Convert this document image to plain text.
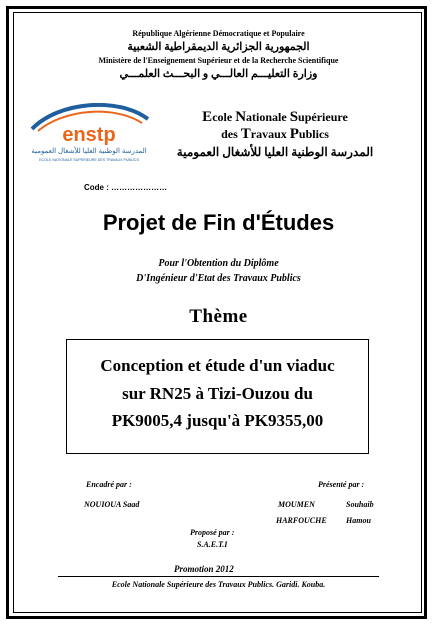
République Algérienne Démocratique et Populaire
الجمهورية الجزائرية الديمقراطية الشعبية
Ministère de l'Enseignement Supérieur et de la Recherche Scientifique
وزارة التعليـــم العالـــي و البحـــث العلمـــي
enstp
المدرسة الوطنية العليا للأشغال العمومية
ECOLE NATIONALE SUPERIEURE DES TRAVAUX PUBLICS
Ecole Nationale Supérieure
des Travaux Publics
المدرسة الوطنية العليا للأشغال العمومية
Code : …………………
Projet de Fin d'Études
Pour l'Obtention du Diplôme
D'Ingénieur d'Etat des Travaux Publics
Thème
Conception et étude d'un viaduc
sur RN25 à Tizi-Ouzou du
PK9005,4 jusqu'à PK9355,00
Encadré par :
NOUIOUA Saad
Présenté par :
MOUMEN	Souhaib
HARFOUCHE Hamou
Proposé par :
S.A.E.T.I
Promotion 2012
Ecole Nationale Supérieure des Travaux Publics. Garidi. Kouba.
